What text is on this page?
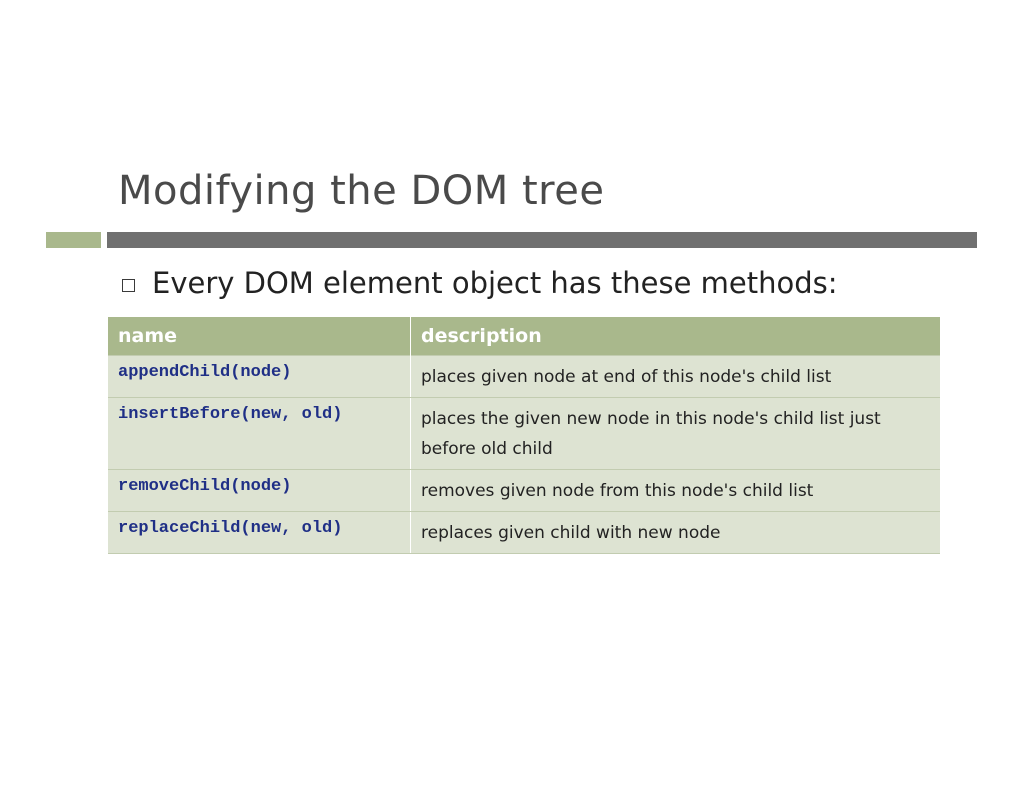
Modifying the DOM tree
Every DOM element object has these methods:
name	description
appendChild(node)	places given node at end of this node's child list
insertBefore(new, old)	places the given new node in this node's child list just before old child
removeChild(node)	removes given node from this node's child list
replaceChild(new, old)	replaces given child with new node
